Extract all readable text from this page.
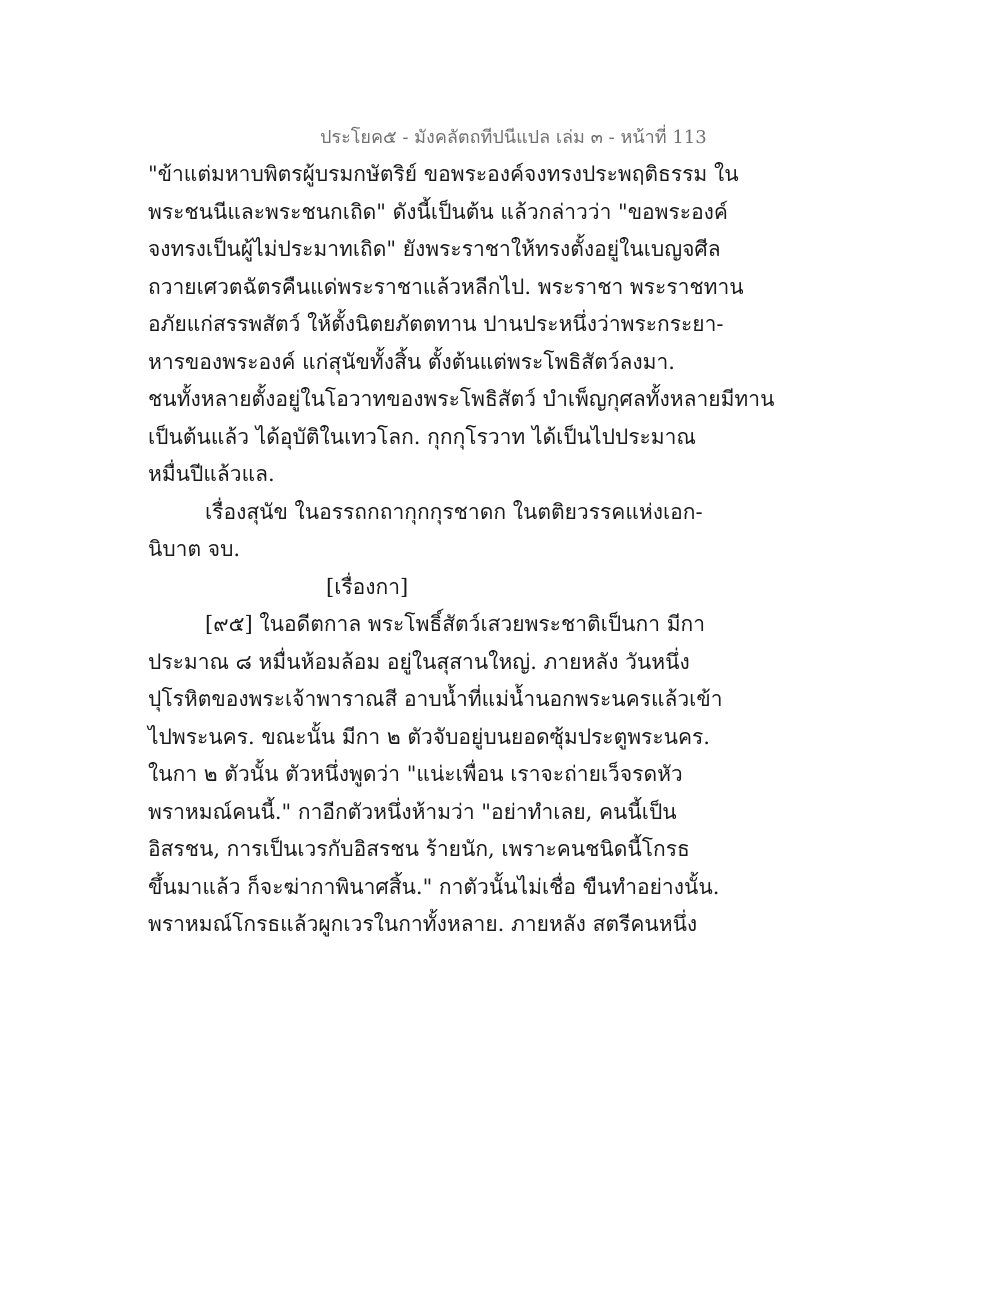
ประโยค๕ - มังคลัตถทีปนีแปล เล่ม ๓ - หน้าที่ 113
"ข้าแต่มหาบพิตรผู้บรมกษัตริย์ ขอพระองค์จงทรงประพฤติธรรม ใน
พระชนนีและพระชนกเถิด" ดังนี้เป็นต้น แล้วกล่าวว่า "ขอพระองค์
จงทรงเป็นผู้ไม่ประมาทเถิด" ยังพระราชาให้ทรงตั้งอยู่ในเบญจศีล
ถวายเศวตฉัตรคืนแด่พระราชาแล้วหลีกไป. พระราชา พระราชทาน
อภัยแก่สรรพสัตว์ ให้ตั้งนิตยภัตตทาน ปานประหนึ่งว่าพระกระยา-
หารของพระองค์ แก่สุนัขทั้งสิ้น ตั้งต้นแต่พระโพธิสัตว์ลงมา.
ชนทั้งหลายตั้งอยู่ในโอวาทของพระโพธิสัตว์ บำเพ็ญกุศลทั้งหลายมีทาน
เป็นต้นแล้ว ได้อุบัติในเทวโลก. กุกกุโรวาท ได้เป็นไปประมาณ
หมื่นปีแล้วแล.
เรื่องสุนัข ในอรรถกถากุกกุรชาดก ในตติยวรรคแห่งเอก-
นิบาต จบ.
[เรื่องกา]
[๙๕] ในอดีตกาล พระโพธิ์สัตว์เสวยพระชาติเป็นกา มีกา
ประมาณ ๘ หมื่นห้อมล้อม อยู่ในสุสานใหญ่. ภายหลัง วันหนึ่ง
ปุโรหิตของพระเจ้าพาราณสี อาบน้ำที่แม่น้ำนอกพระนครแล้วเข้า
ไปพระนคร. ขณะนั้น มีกา ๒ ตัวจับอยู่บนยอดซุ้มประตูพระนคร.
ในกา ๒ ตัวนั้น ตัวหนึ่งพูดว่า "แน่ะเพื่อน เราจะถ่ายเว็จรดหัว
พราหมณ์คนนี้." กาอีกตัวหนึ่งห้ามว่า "อย่าทำเลย, คนนี้เป็น
อิสรชน, การเป็นเวรกับอิสรชน ร้ายนัก, เพราะคนชนิดนี้โกรธ
ขึ้นมาแล้ว ก็จะฆ่ากาพินาศสิ้น." กาตัวนั้นไม่เชื่อ ขืนทำอย่างนั้น.
พราหมณ์โกรธแล้วผูกเวรในกาทั้งหลาย. ภายหลัง สตรีคนหนึ่ง
